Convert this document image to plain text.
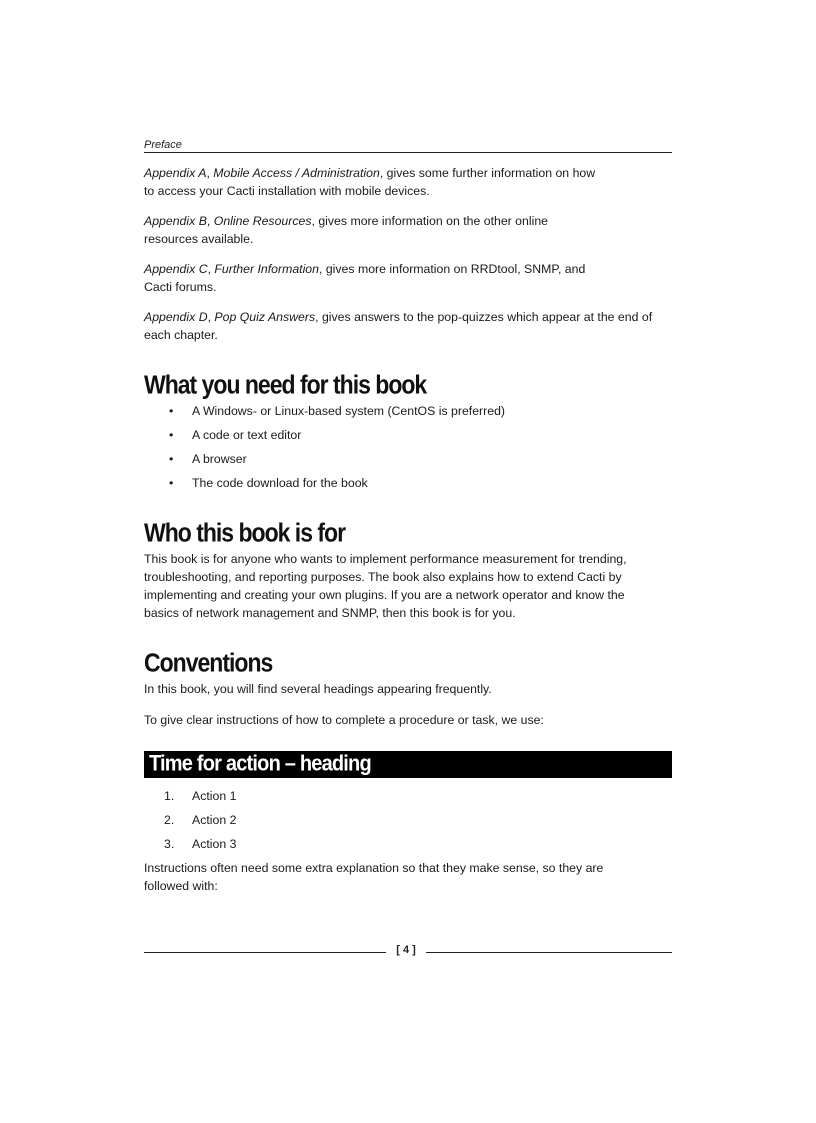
Preface

Appendix A, Mobile Access / Administration, gives some further information on how
to access your Cacti installation with mobile devices.

Appendix B, Online Resources, gives more information on the other online
resources available.

Appendix C, Further Information, gives more information on RRDtool, SNMP, and
Cacti forums.

Appendix D, Pop Quiz Answers, gives answers to the pop-quizzes which appear at the end of
each chapter.

What you need for this book
• A Windows- or Linux-based system (CentOS is preferred)
• A code or text editor
• A browser
• The code download for the book
Who this book is for

This book is for anyone who wants to implement performance measurement for trending,
troubleshooting, and reporting purposes. The book also explains how to extend Cacti by
implementing and creating your own plugins. If you are a network operator and know the
basics of network management and SNMP, then this book is for you.

Conventions

In this book, you will find several headings appearing frequently.

To give clear instructions of how to complete a procedure or task, we use:

Time for action – heading
1. Action 1
2. Action 2
3. Action 3

Instructions often need some extra explanation so that they make sense, so they are
followed with:

[ 4 ]
